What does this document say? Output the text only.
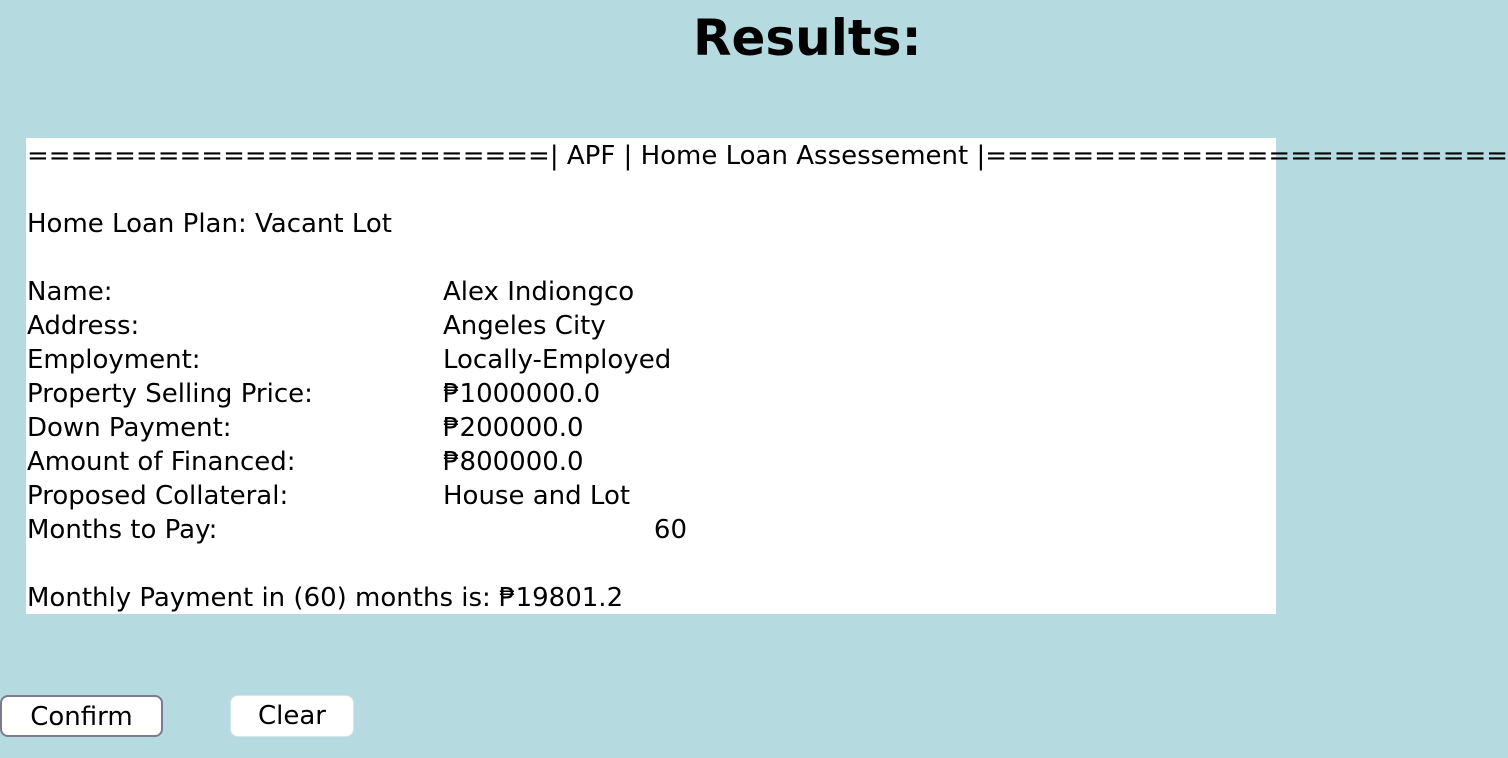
Results:
========================| APF | Home Loan Assessement |========================
Home Loan Plan: Vacant Lot
Name:	Alex Indiongco
Address:	Angeles City
Employment:	Locally-Employed
Property Selling Price:	₱1000000.0
Down Payment:	₱200000.0
Amount of Financed:	₱800000.0
Proposed Collateral:	House and Lot
Months to Pay:	60
Monthly Payment in (60) months is: ₱19801.2
Confirm	Clear
